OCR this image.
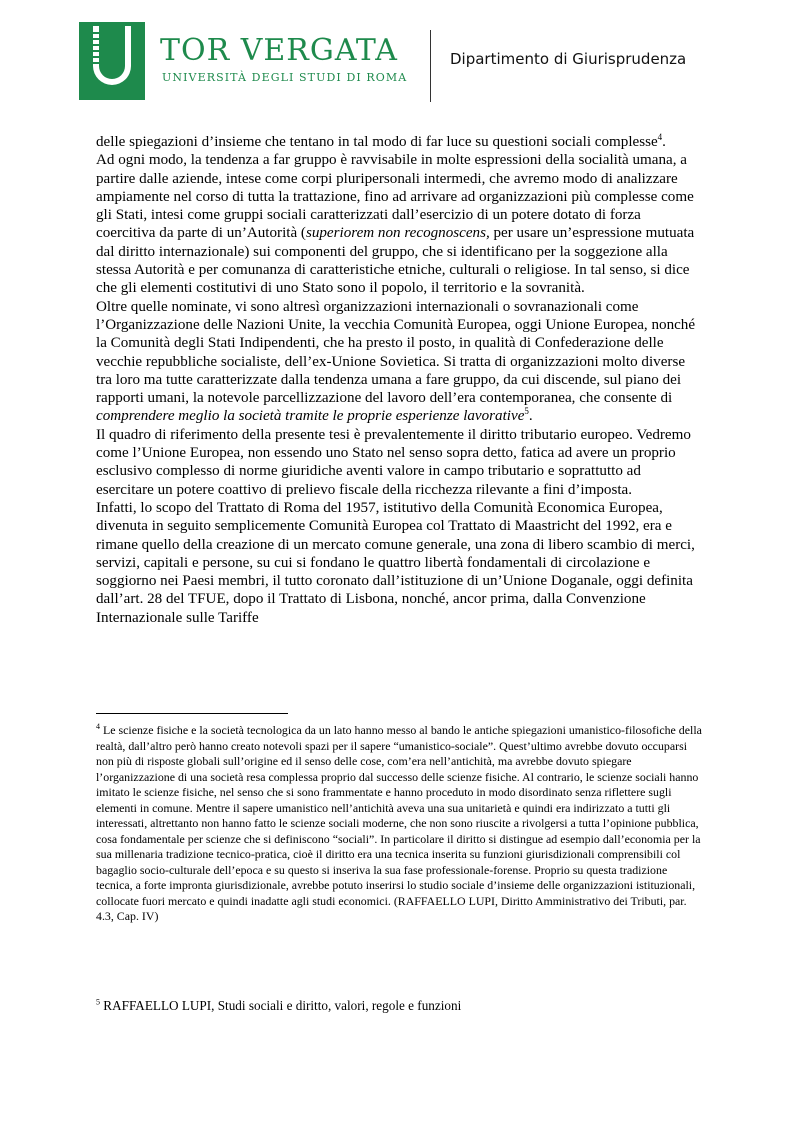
TOR VERGATA
UNIVERSITÀ DEGLI STUDI DI ROMA
Dipartimento di Giurisprudenza

delle spiegazioni d’insieme che tentano in tal modo di far luce su questioni sociali complesse$^4$.

Ad ogni modo, la tendenza a far gruppo è ravvisabile in molte espressioni della socialità umana, a partire dalle aziende, intese come corpi pluripersonali intermedi, che avremo modo di analizzare ampiamente nel corso di tutta la trattazione, fino ad arrivare ad organizzazioni più complesse come gli Stati, intesi come gruppi sociali caratterizzati dall’esercizio di un potere dotato di forza coercitiva da parte di un’Autorità (superiorem non recognoscens, per usare un’espressione mutuata dal diritto internazionale) sui componenti del gruppo, che si identificano per la soggezione alla stessa Autorità e per comunanza di caratteristiche etniche, culturali o religiose. In tal senso, si dice che gli elementi costitutivi di uno Stato sono il popolo, il territorio e la sovranità.

Oltre quelle nominate, vi sono altresì organizzazioni internazionali o sovranazionali come l’Organizzazione delle Nazioni Unite, la vecchia Comunità Europea, oggi Unione Europea, nonché la Comunità degli Stati Indipendenti, che ha presto il posto, in qualità di Confederazione delle vecchie repubbliche socialiste, dell’ex-Unione Sovietica. Si tratta di organizzazioni molto diverse tra loro ma tutte caratterizzate dalla tendenza umana a fare gruppo, da cui discende, sul piano dei rapporti umani, la notevole parcellizzazione del lavoro dell’era contemporanea, che consente di comprendere meglio la società tramite le proprie esperienze lavorative$^5$.

Il quadro di riferimento della presente tesi è prevalentemente il diritto tributario europeo. Vedremo come l’Unione Europea, non essendo uno Stato nel senso sopra detto, fatica ad avere un proprio esclusivo complesso di norme giuridiche aventi valore in campo tributario e soprattutto ad esercitare un potere coattivo di prelievo fiscale della ricchezza rilevante a fini d’imposta.

Infatti, lo scopo del Trattato di Roma del 1957, istitutivo della Comunità Economica Europea, divenuta in seguito semplicemente Comunità Europea col Trattato di Maastricht del 1992, era e rimane quello della creazione di un mercato comune generale, una zona di libero scambio di merci, servizi, capitali e persone, su cui si fondano le quattro libertà fondamentali di circolazione e soggiorno nei Paesi membri, il tutto coronato dall’istituzione di un’Unione Doganale, oggi definita dall’art. 28 del TFUE, dopo il Trattato di Lisbona, nonché, ancor prima, dalla Convenzione Internazionale sulle Tariffe

$^4$ Le scienze fisiche e la società tecnologica da un lato hanno messo al bando le antiche spiegazioni umanistico-filosofiche della realtà, dall’altro però hanno creato notevoli spazi per il sapere “umanistico-sociale”. Quest’ultimo avrebbe dovuto occuparsi non più di risposte globali sull’origine ed il senso delle cose, com’era nell’antichità, ma avrebbe dovuto spiegare l’organizzazione di una società resa complessa proprio dal successo delle scienze fisiche. Al contrario, le scienze sociali hanno imitato le scienze fisiche, nel senso che si sono frammentate e hanno proceduto in modo disordinato senza riflettere sugli elementi in comune. Mentre il sapere umanistico nell’antichità aveva una sua unitarietà e quindi era indirizzato a tutti gli interessati, altrettanto non hanno fatto le scienze sociali moderne, che non sono riuscite a rivolgersi a tutta l’opinione pubblica, cosa fondamentale per scienze che si definiscono “sociali”. In particolare il diritto si distingue ad esempio dall’economia per la sua millenaria tradizione tecnico-pratica, cioè il diritto era una tecnica inserita su funzioni giurisdizionali comprensibili col bagaglio socio-culturale dell’epoca e su questo si inseriva la sua fase professionale-forense. Proprio su questa tradizione tecnica, a forte impronta giurisdizionale, avrebbe potuto inserirsi lo studio sociale d’insieme delle organizzazioni istituzionali, collocate fuori mercato e quindi inadatte agli studi economici. (RAFFAELLO LUPI, Diritto Amministrativo dei Tributi, par. 4.3, Cap. IV)
$^5$ RAFFAELLO LUPI, Studi sociali e diritto, valori, regole e funzioni
